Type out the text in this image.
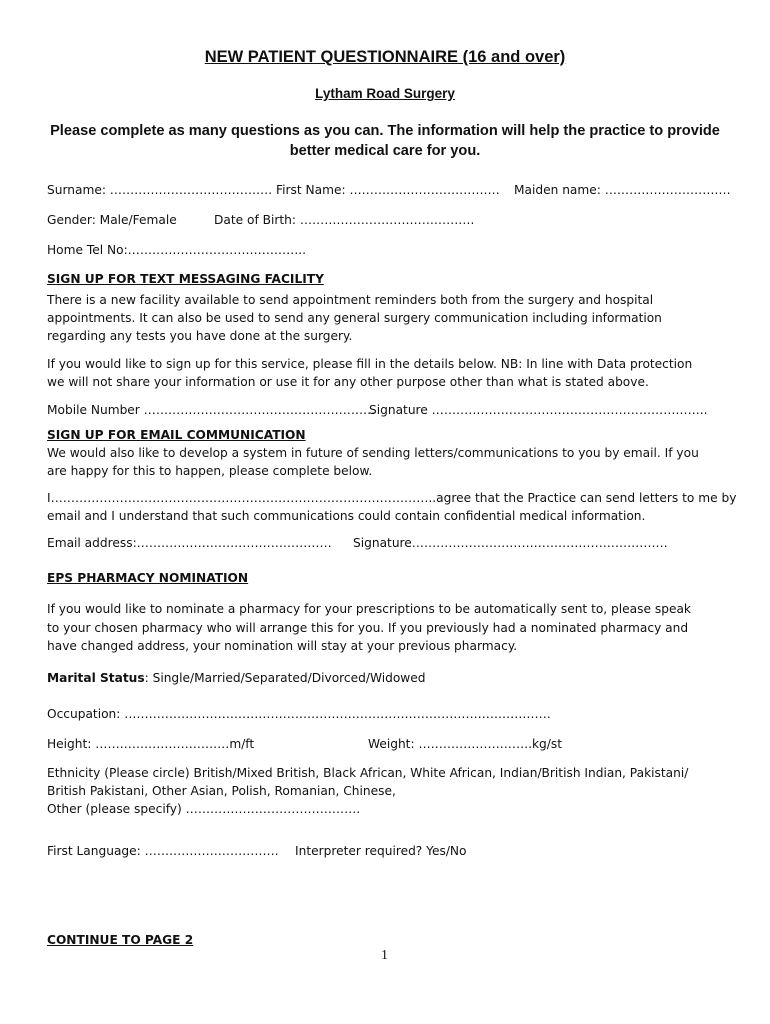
NEW PATIENT QUESTIONNAIRE (16 and over)
Lytham Road Surgery
Please complete as many questions as you can. The information will help the practice to provide better medical care for you.
Surname: …………………………………. First Name: ………………………………. Maiden name: ………………………….
Gender: Male/Female	Date of Birth: …………………………………….
Home Tel No:……………………………………..
SIGN UP FOR TEXT MESSAGING FACILITY
There is a new facility available to send appointment reminders both from the surgery and hospital
appointments. It can also be used to send any general surgery communication including information
regarding any tests you have done at the surgery.
If you would like to sign up for this service, please fill in the details below. NB: In line with Data protection
we will not share your information or use it for any other purpose other than what is stated above.
Mobile Number …………………………………………………
Signature …………………………………………………………..
SIGN UP FOR EMAIL COMMUNICATION
We would also like to develop a system in future of sending letters/communications to you by email. If you
are happy for this to happen, please complete below.
I…………………………………………………………………………………..agree that the Practice can send letters to me by
email and I understand that such communications could contain confidential medical information.
Email address:………………………………………… Signature………………………………………………………
EPS PHARMACY NOMINATION
If you would like to nominate a pharmacy for your prescriptions to be automatically sent to, please speak
to your chosen pharmacy who will arrange this for you. If you previously had a nominated pharmacy and
have changed address, your nomination will stay at your previous pharmacy.
Marital Status: Single/Married/Separated/Divorced/Widowed
Occupation: ……………………………………………………………………………………………
Height: ……………………………m/ft	Weight: ……………………….kg/st
Ethnicity (Please circle) British/Mixed British, Black African, White African, Indian/British Indian, Pakistani/
British Pakistani, Other Asian, Polish, Romanian, Chinese,
Other (please specify) …………………………………….
First Language: …………………………… Interpreter required? Yes/No
CONTINUE TO PAGE 2
1
